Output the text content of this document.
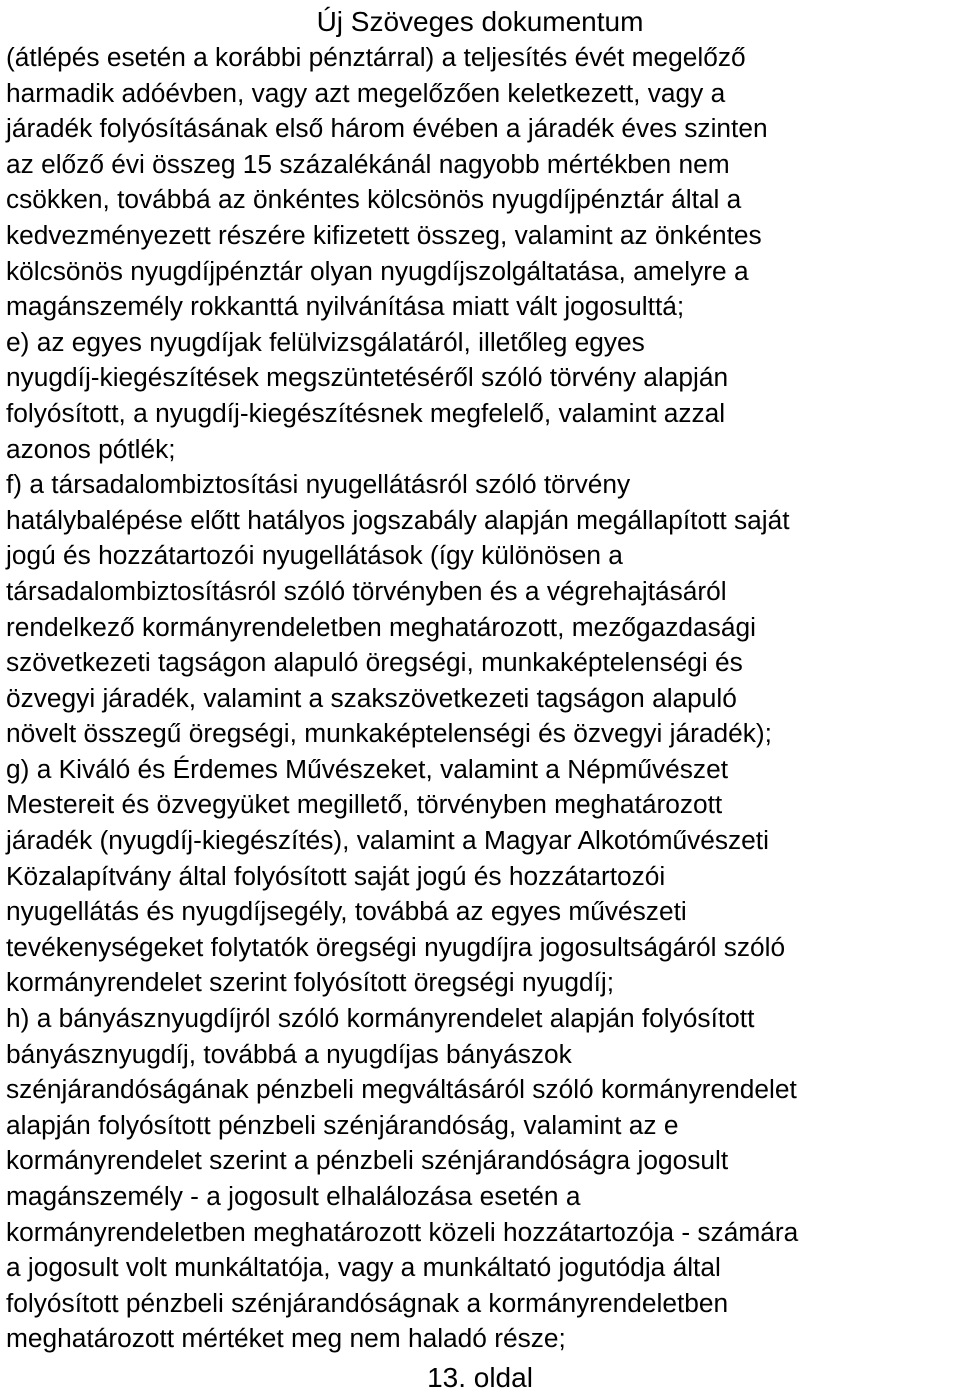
Új Szöveges dokumentum
(átlépés esetén a korábbi pénztárral) a teljesítés évét megelőző
harmadik adóévben, vagy azt megelőzően keletkezett, vagy a
járadék folyósításának első három évében a járadék éves szinten
az előző évi összeg 15 százalékánál nagyobb mértékben nem
csökken, továbbá az önkéntes kölcsönös nyugdíjpénztár által a
kedvezményezett részére kifizetett összeg, valamint az önkéntes
kölcsönös nyugdíjpénztár olyan nyugdíjszolgáltatása, amelyre a
magánszemély rokkanttá nyilvánítása miatt vált jogosulttá;
e) az egyes nyugdíjak felülvizsgálatáról, illetőleg egyes
nyugdíj-kiegészítések megszüntetéséről szóló törvény alapján
folyósított, a nyugdíj-kiegészítésnek megfelelő, valamint azzal
azonos pótlék;
f) a társadalombiztosítási nyugellátásról szóló törvény
hatálybalépése előtt hatályos jogszabály alapján megállapított saját
jogú és hozzátartozói nyugellátások (így különösen a
társadalombiztosításról szóló törvényben és a végrehajtásáról
rendelkező kormányrendeletben meghatározott, mezőgazdasági
szövetkezeti tagságon alapuló öregségi, munkaképtelenségi és
özvegyi járadék, valamint a szakszövetkezeti tagságon alapuló
növelt összegű öregségi, munkaképtelenségi és özvegyi járadék);
g) a Kiváló és Érdemes Művészeket, valamint a Népművészet
Mestereit és özvegyüket megillető, törvényben meghatározott
járadék (nyugdíj-kiegészítés), valamint a Magyar Alkotóművészeti
Közalapítvány által folyósított saját jogú és hozzátartozói
nyugellátás és nyugdíjsegély, továbbá az egyes művészeti
tevékenységeket folytatók öregségi nyugdíjra jogosultságáról szóló
kormányrendelet szerint folyósított öregségi nyugdíj;
h) a bányásznyugdíjról szóló kormányrendelet alapján folyósított
bányásznyugdíj, továbbá a nyugdíjas bányászok
szénjárandóságának pénzbeli megváltásáról szóló kormányrendelet
alapján folyósított pénzbeli szénjárandóság, valamint az e
kormányrendelet szerint a pénzbeli szénjárandóságra jogosult
magánszemély - a jogosult elhalálozása esetén a
kormányrendeletben meghatározott közeli hozzátartozója - számára
a jogosult volt munkáltatója, vagy a munkáltató jogutódja által
folyósított pénzbeli szénjárandóságnak a kormányrendeletben
meghatározott mértéket meg nem haladó része;
13. oldal
